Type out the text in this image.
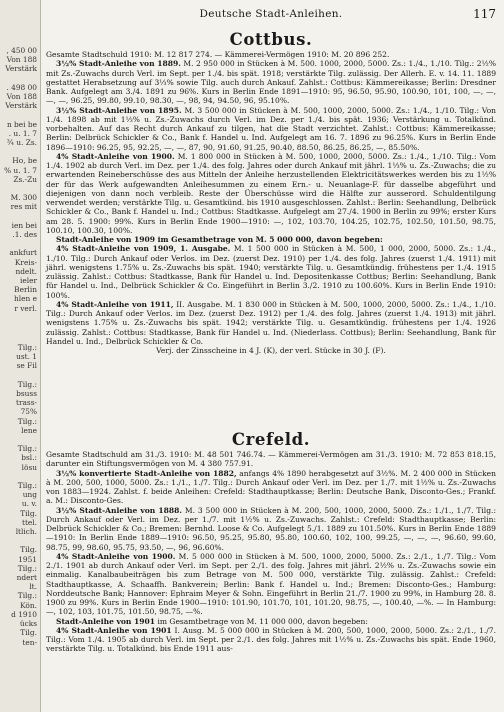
, 450 00
Von 188
Verstärk

. 498 00
Von 188
Verstärk

n bei be
. u. 1. 7
¾ u. Zs.

Ho, be
% u. 1. 7
Zs.-Zu

M. 300
res mit

ien bei
.1. des

ankfurt
Kreis-
ndelt.
ieler
Berlin
hlen e
r verl.
Tilg.:
ust. 1
se Fil

Tilg.:
bsuss
trass-
75%
Tilg.:
lene

Tilg.:
bsl.:
lösu

Tilg.:
ung
u. v.
Tilg.
ttel.
ltlich.

Tilg.
1951
Tilg.:
ndert
lt.
Tilg.:
Kön.
d 1910
ücks
Tilg.
ten-
Deutsche Stadt-Anleihen.	117
Cottbus.

Gesamte Stadtschuld 1910: M. 12 817 274. — Kämmerei-Vermögen 1910: M. 20 896 252.

3½% Stadt-Anleihe von 1889. M. 2 950 000 in Stücken à M. 500. 1000, 2000, 5000. Zs.: 1./4., 1./10. Tilg.: 2½% mit Zs.-Zuwachs durch Verl. im Sept. per 1./4. bis spät. 1918; verstärkte Tilg. zulässig. Der Allerh. E. v. 14. 11. 1889 gestattet Herabsetzung auf 3⅓% sowie Tilg. auch durch Ankauf. Zahlst.: Cottbus: Kämmereikasse; Berlin: Dresdner Bank. Aufgelegt am 3./4. 1891 zu 96%. Kurs in Berlin Ende 1891—1910: 95, 96.50, 95.90, 100.90, 101, 100, —, —, —, —, 96.25, 99.80, 99.10, 98.30, —, 98, 94, 94.50, 96, 95.10%.

3½% Stadt-Anleihe von 1895. M. 3 500 000 in Stücken à M. 500, 1000, 2000, 5000. Zs.: 1./4., 1./10. Tilg.: Von 1./4. 1898 ab mit 1⅓% u. Zs.-Zuwachs durch Verl. im Dez. per 1./4. bis spät. 1936; Verstärkung u. Totalkünd. vorbehalten. Auf das Recht durch Ankauf zu tilgen, hat die Stadt verzichtet. Zahlst.: Cottbus: Kämmereikasse; Berlin: Delbrück Schickler & Co., Bank f. Handel u. Ind. Aufgelegt am 16. 7. 1896 zu 96.25%. Kurs in Berlin Ende 1896—1910: 96.25, 95, 92.25, —, —, 87, 90, 91.60, 91.25, 90.40, 88.50, 86.25, 86.25, —, 85.50%.

4% Stadt-Anleihe von 1900. M. 1 800 000 in Stücken à M. 500, 1000, 2000, 5000. Zs.: 1./4., 1./10. Tilg.: Vom 1./4. 1902 ab durch Verl. im Dez. per 1./4. des folg. Jahres oder durch Ankauf mit jährl. 1⅓% u. Zs.-Zuwachs; die zu erwartenden Reineberschüsse des aus Mitteln der Anleihe herzustellenden Elektricitätswerkes werden bis zu 1½% der für das Werk aufgewandten Anleihesummen zu einem Ern.- u. Neuanlage-F. für dasselbe abgeführt und diejenigen von dann noch verbleib. Reste der Überschüsse wird die Hälfte zur ausserord. Schuldentilgung verwendet werden; verstärkte Tilg. u. Gesamtkünd. bis 1910 ausgeschlossen. Zahlst.: Berlin: Seehandlung, Delbrück Schickler & Co., Bank f. Handel u. Ind.; Cottbus: Stadtkasse. Aufgelegt am 27./4. 1900 in Berlin zu 99%; erster Kurs am 28. 5. 1900: 99%. Kurs in Berlin Ende 1900—1910: —, 102, 103.70, 104.25, 102.75, 102.50, 101.50, 98.75, 100.10, 100.30, 100%.

Stadt-Anleihe von 1909 im Gesamtbetrage von M. 5 000 000, davon begeben:

4% Stadt-Anleihe von 1909, 1. Ausgabe. M. 1 500 000 in Stücken à M. 500, 1 000, 2000, 5000. Zs.: 1./4., 1./10. Tilg.: Durch Ankauf oder Verlos. im Dez. (zuerst Dez. 1910) per 1./4. des folg. Jahres (zuerst 1./4. 1911) mit jährl. wenigstens 1.75% u. Zs.-Zuwachs bis spät. 1940; verstärkte Tilg. u. Gesamtkündig. frühestens per 1./4. 1915 zulässig. Zahlst.: Cottbus: Stadtkasse, Bank für Handel u. Ind. Depositenkasse Cottbus; Berlin: Seehandlung, Bank für Handel u. Ind., Delbrück Schickler & Co. Eingeführt in Berlin 3./2. 1910 zu 100.60%. Kurs in Berlin Ende 1910: 100%.

4% Stadt-Anleihe von 1911, II. Ausgabe. M. 1 830 000 in Stücken à M. 500, 1000, 2000, 5000. Zs.: 1./4., 1./10. Tilg.: Durch Ankauf oder Verlos. im Dez. (zuerst Dez. 1912) per 1./4. des folg. Jahres (zuerst 1./4. 1913) mit jährl. wenigstens 1.75% u. Zs.-Zuwachs bis spät. 1942; verstärkte Tilg. u. Gesamtkündig. frühestens per 1./4. 1926 zulässig. Zahlst.: Cottbus: Stadtkasse, Bank für Handel u. Ind. (Niederlass. Cottbus); Berlin: Seehandlung, Bank für Handel u. Ind., Delbrück Schickler & Co.

Verj. der Zinsscheine in 4 J. (K), der verl. Stücke in 30 J. (F).

Crefeld.

Gesamte Stadtschuld am 31./3. 1910: M. 48 501 746.74. — Kämmerei-Vermögen am 31./3. 1910: M. 72 853 818.15, darunter ein Stiftungsvermögen von M. 4 380 757.91.

3½% konvertierte Stadt-Anleihe von 1882, anfangs 4% 1890 herabgesetzt auf 3½%. M. 2 400 000 in Stücken à M. 200, 500, 1000, 5000. Zs.: 1./1., 1./7. Tilg.: Durch Ankauf oder Verl. im Dez. per 1./7. mit 1½% u. Zs.-Zuwachs von 1883—1924. Zahlst. f. beide Anleihen: Crefeld: Stadthauptkasse; Berlin: Deutsche Bank, Disconto-Ges.; Frankf. a. M.: Disconto-Ges.

3½% Stadt-Anleihe von 1888. M. 3 500 000 in Stücken à M. 200, 500, 1000, 2000, 5000. Zs.: 1./1., 1./7. Tilg.: Durch Ankauf oder Verl. im Dez. per 1./7. mit 1½% u. Zs.-Zuwachs. Zahlst.: Crefeld: Stadthauptkasse; Berlin: Delbrück Schickler & Co.; Bremen: Bernhd. Loose & Co. Aufgelegt 5./1. 1889 zu 101.50%. Kurs in Berlin Ende 1889—1910: In Berlin Ende 1889—1910: 96.50, 95.25, 95.80, 95.80, 100.60, 102, 100, 99.25, —, —, —, 96.60, 99.60, 98.75, 99, 98.60, 95.75, 93.50, —, 96, 96.60%.

4% Stadt-Anleihe von 1900. M. 5 000 000 in Stücken à M. 500, 1000, 2000, 5000. Zs.: 2./1., 1./7. Tilg.: Vom 2./1. 1901 ab durch Ankauf oder Verl. im Sept. per 2./1. des folg. Jahres mit jährl. 2½% u. Zs.-Zuwachs sowie ein einmalig. Kanalbaubeiträgen bis zum Betrage von M. 500 000, verstärkte Tilg. zulässig. Zahlst.: Crefeld: Stadthauptkasse, A. Schaaffh. Bankverein; Berlin: Bank f. Handel u. Ind.; Bremen: Disconto-Ges.; Hamburg: Norddeutsche Bank; Hannover: Ephraim Meyer & Sohn. Eingeführt in Berlin 21./7. 1900 zu 99%, in Hamburg 28. 8. 1900 zu 99%. Kurs in Berlin Ende 1900—1910: 101.90, 101.70, 101, 101.20, 98.75, —, 100.40, —%. — In Hamburg: —, 102, 103, 101.75, 101.50, 98.75, —%.

Stadt-Anleihe von 1901 im Gesamtbetrage von M. 11 000 000, davon begeben:

4% Stadt-Anleihe von 1901 I. Ausg. M. 5 000 000 in Stücken à M. 200, 500, 1000, 2000, 5000. Zs.: 2./1., 1./7. Tilg.: Vom 1./4. 1905 ab durch Verl. im Sept. per 2./1. des folg. Jahres mit 1½% u. Zs.-Zuwachs bis spät. Ende 1960, verstärkte Tilg. u. Totalkünd. bis Ende 1911 aus-
